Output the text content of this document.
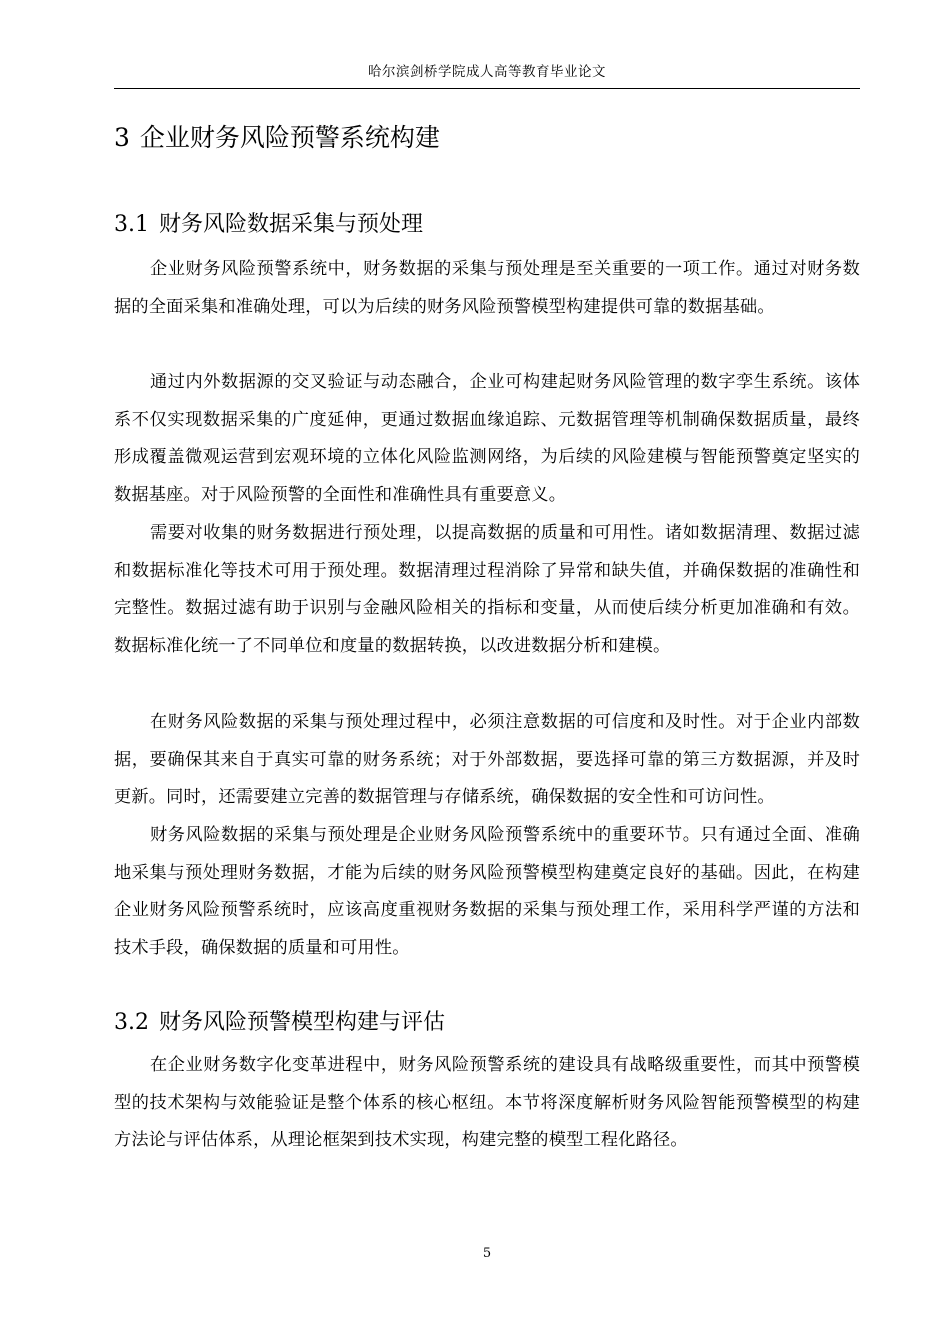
哈尔滨剑桥学院成人高等教育毕业论文
3 企业财务风险预警系统构建
3.1 财务风险数据采集与预处理

企业财务风险预警系统中，财务数据的采集与预处理是至关重要的一项工作。通过对财务数据的全面采集和准确处理，可以为后续的财务风险预警模型构建提供可靠的数据基础。

通过内外数据源的交叉验证与动态融合，企业可构建起财务风险管理的数字孪生系统。该体系不仅实现数据采集的广度延伸，更通过数据血缘追踪、元数据管理等机制确保数据质量，最终形成覆盖微观运营到宏观环境的立体化风险监测网络，为后续的风险建模与智能预警奠定坚实的数据基座。对于风险预警的全面性和准确性具有重要意义。

需要对收集的财务数据进行预处理，以提高数据的质量和可用性。诸如数据清理、数据过滤和数据标准化等技术可用于预处理。数据清理过程消除了异常和缺失值，并确保数据的准确性和完整性。数据过滤有助于识别与金融风险相关的指标和变量，从而使后续分析更加准确和有效。数据标准化统一了不同单位和度量的数据转换，以改进数据分析和建模。

在财务风险数据的采集与预处理过程中，必须注意数据的可信度和及时性。对于企业内部数据，要确保其来自于真实可靠的财务系统；对于外部数据，要选择可靠的第三方数据源，并及时更新。同时，还需要建立完善的数据管理与存储系统，确保数据的安全性和可访问性。

财务风险数据的采集与预处理是企业财务风险预警系统中的重要环节。只有通过全面、准确地采集与预处理财务数据，才能为后续的财务风险预警模型构建奠定良好的基础。因此，在构建企业财务风险预警系统时，应该高度重视财务数据的采集与预处理工作，采用科学严谨的方法和技术手段，确保数据的质量和可用性。

3.2 财务风险预警模型构建与评估

在企业财务数字化变革进程中，财务风险预警系统的建设具有战略级重要性，而其中预警模型的技术架构与效能验证是整个体系的核心枢纽。本节将深度解析财务风险智能预警模型的构建方法论与评估体系，从理论框架到技术实现，构建完整的模型工程化路径。

5
